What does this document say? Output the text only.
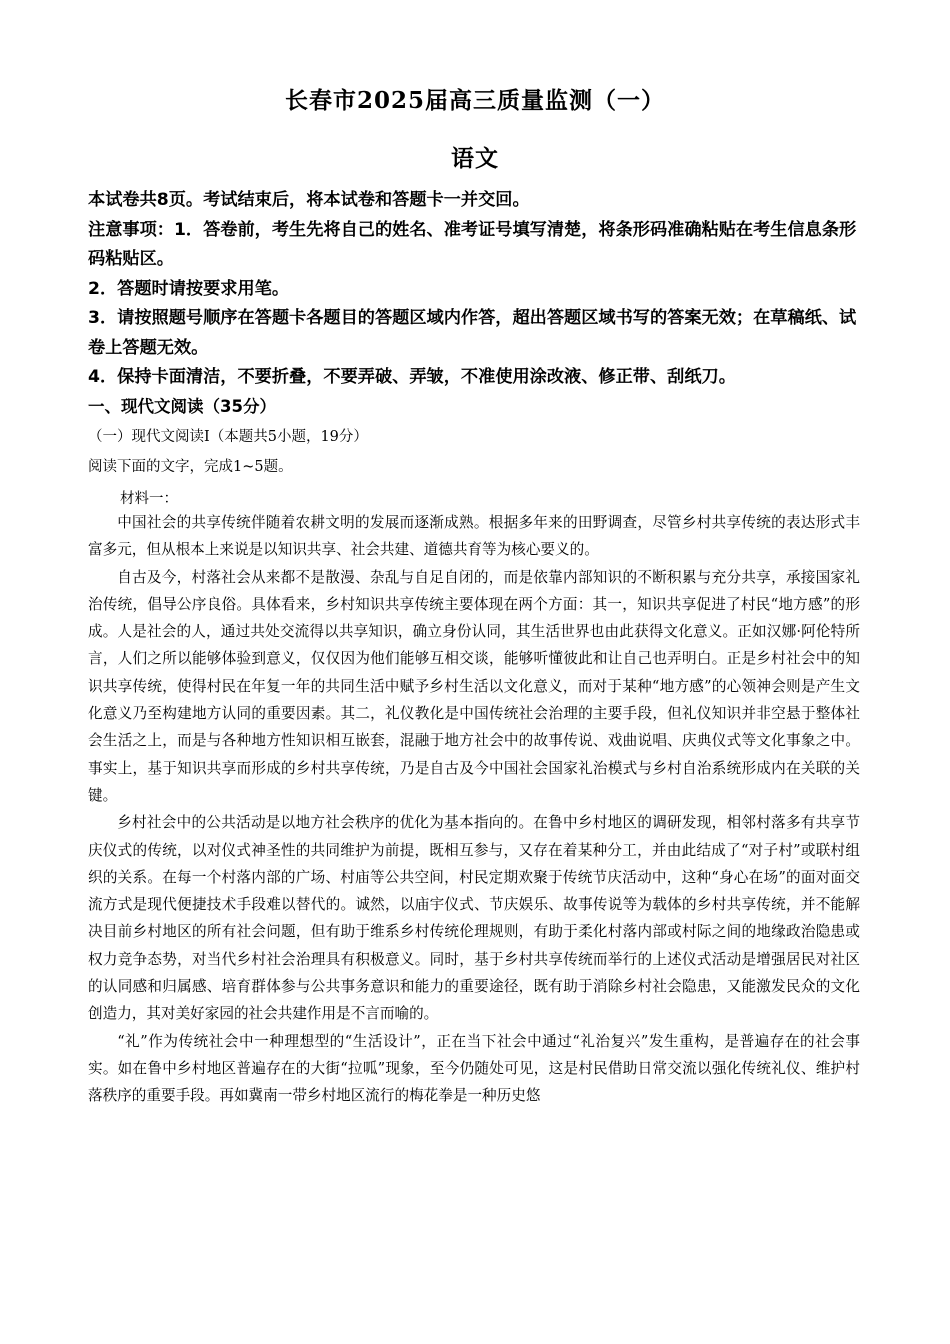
长春市2025届高三质量监测（一）
语文

本试卷共8页。考试结束后，将本试卷和答题卡一并交回。

注意事项：1．答卷前，考生先将自己的姓名、准考证号填写清楚，将条形码准确粘贴在考生信息条形码粘贴区。

2．答题时请按要求用笔。

3．请按照题号顺序在答题卡各题目的答题区域内作答，超出答题区域书写的答案无效；在草稿纸、试卷上答题无效。

4．保持卡面清洁，不要折叠，不要弄破、弄皱，不准使用涂改液、修正带、刮纸刀。

一、现代文阅读（35分）
（一）现代文阅读Ⅰ（本题共5小题，19分）
阅读下面的文字，完成1~5题。
材料一：

中国社会的共享传统伴随着农耕文明的发展而逐渐成熟。根据多年来的田野调查，尽管乡村共享传统的表达形式丰富多元，但从根本上来说是以知识共享、社会共建、道德共育等为核心要义的。

自古及今，村落社会从来都不是散漫、杂乱与自足自闭的，而是依靠内部知识的不断积累与充分共享，承接国家礼治传统，倡导公序良俗。具体看来，乡村知识共享传统主要体现在两个方面：其一，知识共享促进了村民“地方感”的形成。人是社会的人，通过共处交流得以共享知识，确立身份认同，其生活世界也由此获得文化意义。正如汉娜·阿伦特所言，人们之所以能够体验到意义，仅仅因为他们能够互相交谈，能够听懂彼此和让自己也弄明白。正是乡村社会中的知识共享传统，使得村民在年复一年的共同生活中赋予乡村生活以文化意义，而对于某种“地方感”的心领神会则是产生文化意义乃至构建地方认同的重要因素。其二，礼仪教化是中国传统社会治理的主要手段，但礼仪知识并非空悬于整体社会生活之上，而是与各种地方性知识相互嵌套，混融于地方社会中的故事传说、戏曲说唱、庆典仪式等文化事象之中。事实上，基于知识共享而形成的乡村共享传统，乃是自古及今中国社会国家礼治模式与乡村自治系统形成内在关联的关键。

乡村社会中的公共活动是以地方社会秩序的优化为基本指向的。在鲁中乡村地区的调研发现，相邻村落多有共享节庆仪式的传统，以对仪式神圣性的共同维护为前提，既相互参与，又存在着某种分工，并由此结成了“对子村”或联村组织的关系。在每一个村落内部的广场、村庙等公共空间，村民定期欢聚于传统节庆活动中，这种“身心在场”的面对面交流方式是现代便捷技术手段难以替代的。诚然，以庙宇仪式、节庆娱乐、故事传说等为载体的乡村共享传统，并不能解决目前乡村地区的所有社会问题，但有助于维系乡村传统伦理规则，有助于柔化村落内部或村际之间的地缘政治隐患或权力竞争态势，对当代乡村社会治理具有积极意义。同时，基于乡村共享传统而举行的上述仪式活动是增强居民对社区的认同感和归属感、培育群体参与公共事务意识和能力的重要途径，既有助于消除乡村社会隐患，又能激发民众的文化创造力，其对美好家园的社会共建作用是不言而喻的。

“礼”作为传统社会中一种理想型的“生活设计”，正在当下社会中通过“礼治复兴”发生重构，是普遍存在的社会事实。如在鲁中乡村地区普遍存在的大街“拉呱”现象，至今仍随处可见，这是村民借助日常交流以强化传统礼仪、维护村落秩序的重要手段。再如冀南一带乡村地区流行的梅花拳是一种历史悠
